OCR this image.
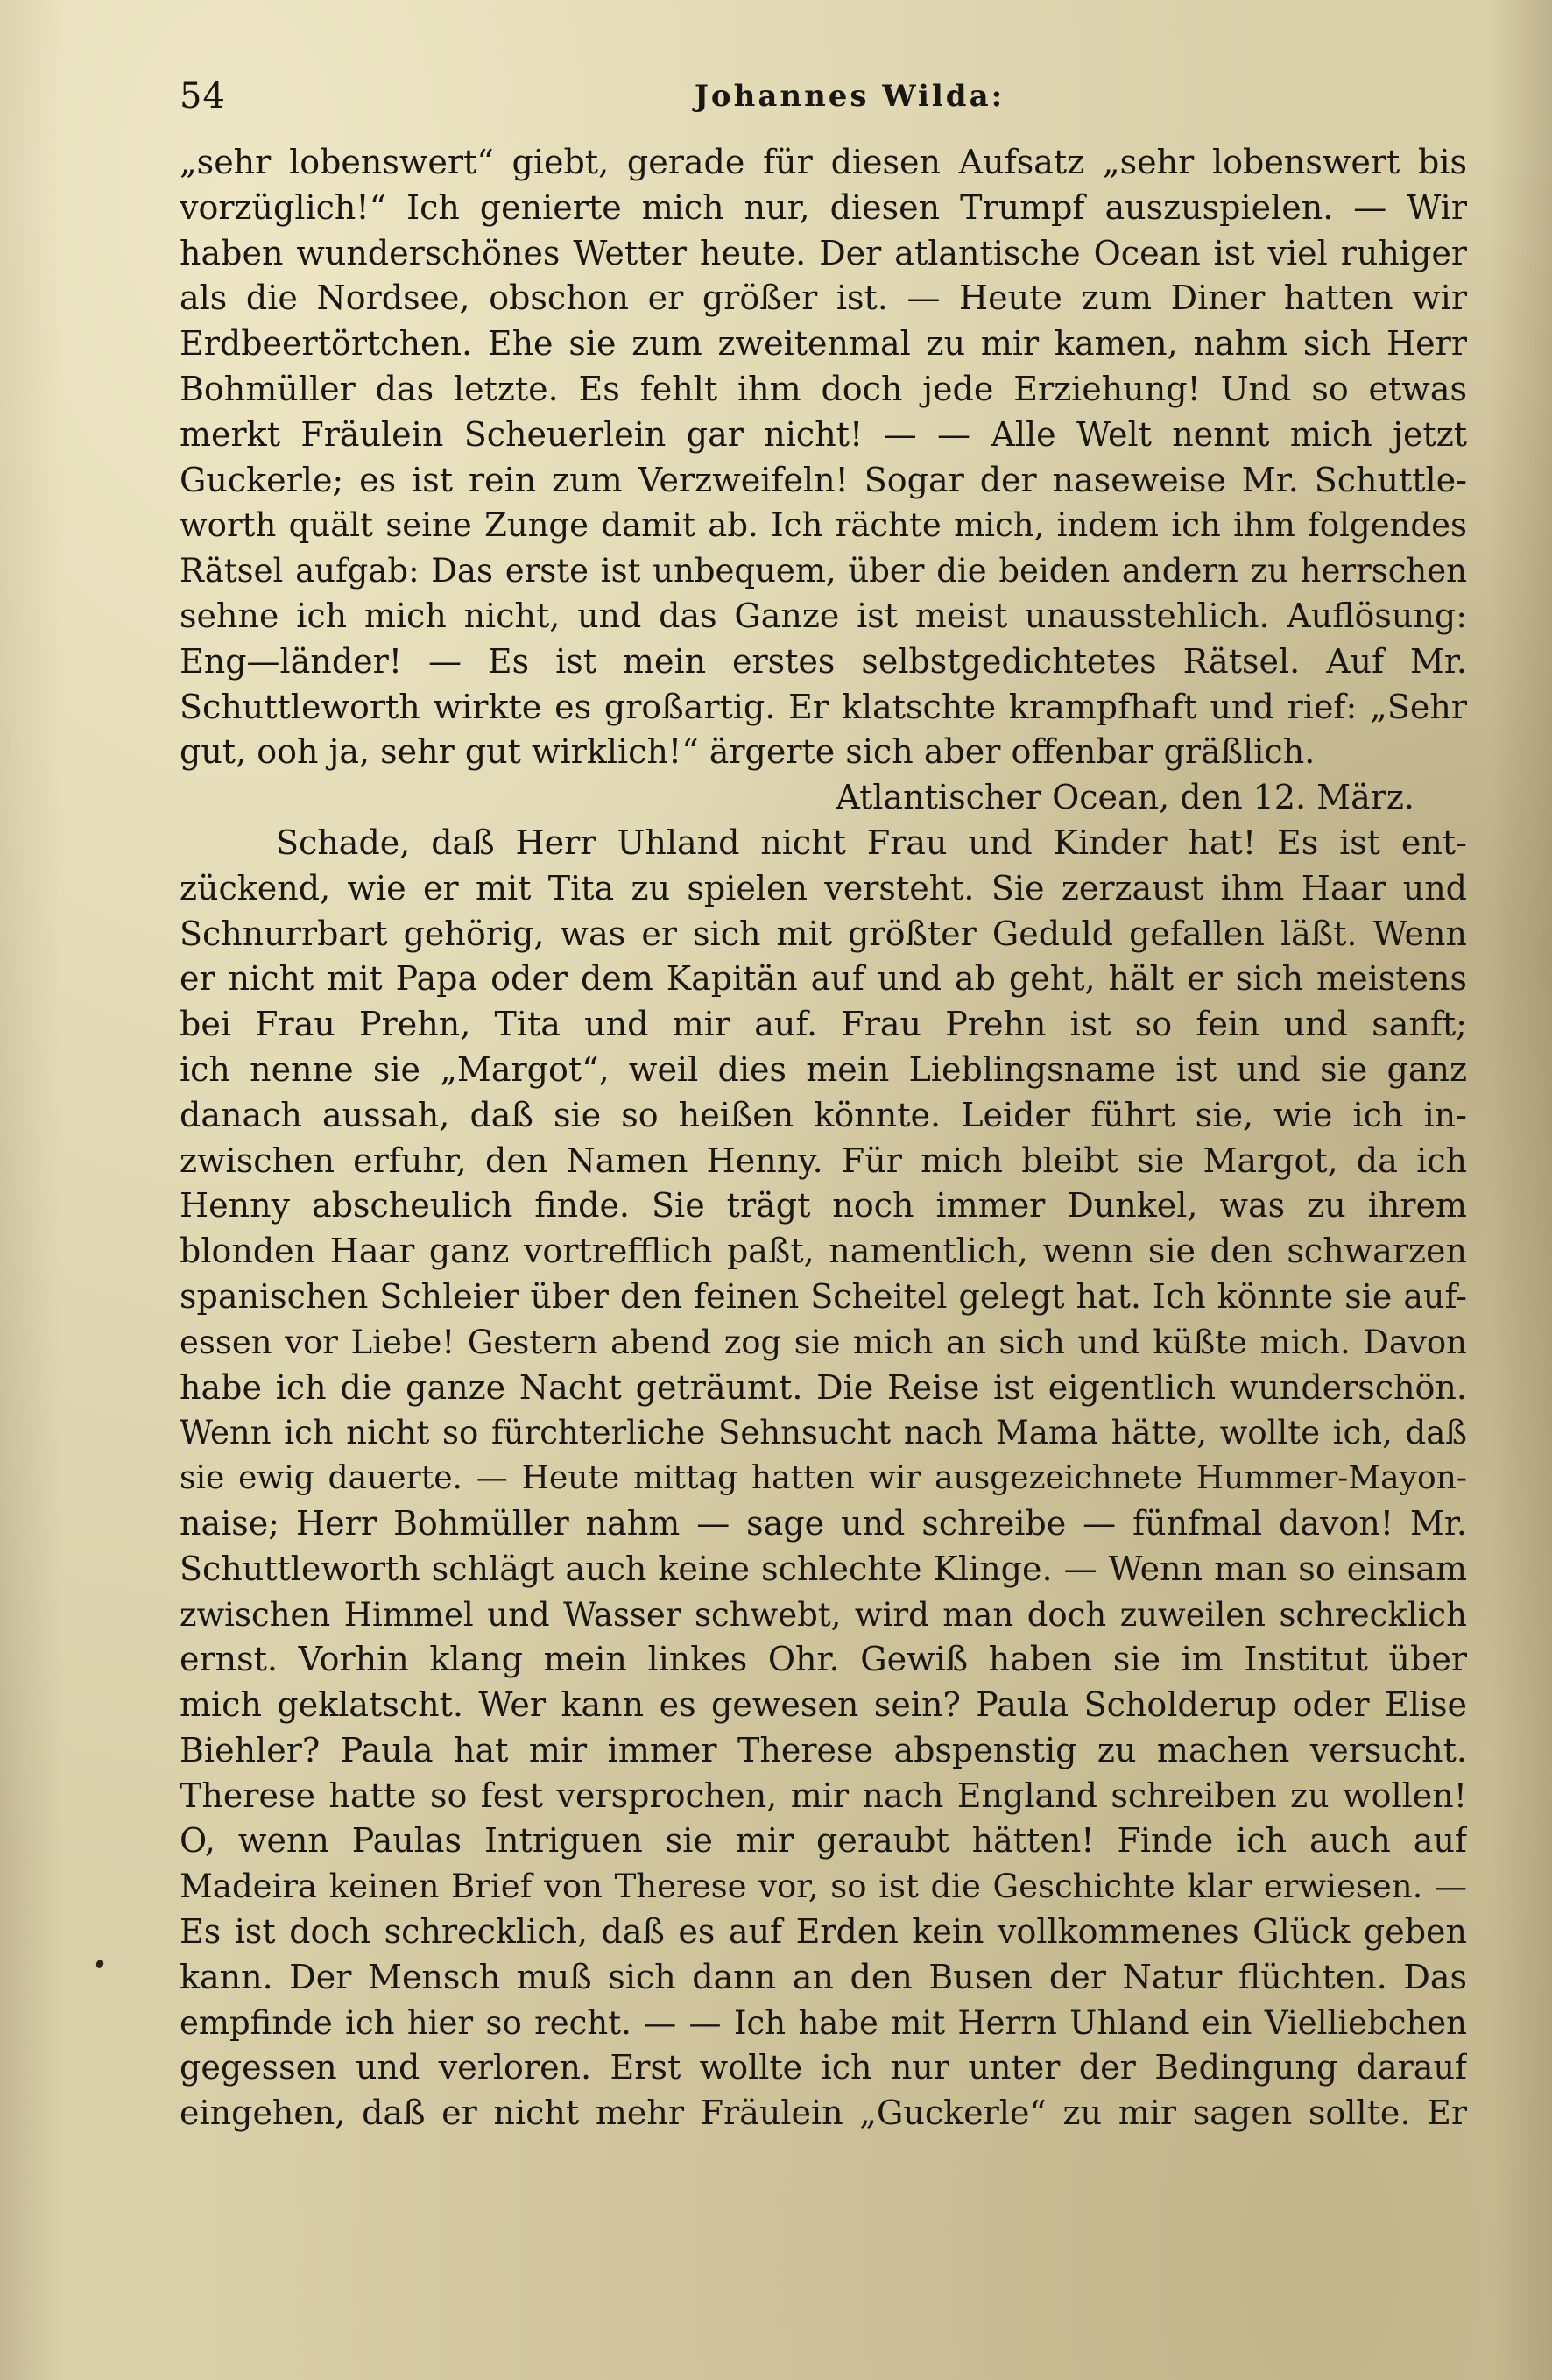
54	Johannes Wilda:
„sehr lobenswert“ giebt, gerade für diesen Aufsatz „sehr lobenswert bis
vorzüglich!“ Ich genierte mich nur, diesen Trumpf auszuspielen. — Wir
haben wunderschönes Wetter heute. Der atlantische Ocean ist viel ruhiger
als die Nordsee, obschon er größer ist. — Heute zum Diner hatten wir
Erdbeertörtchen. Ehe sie zum zweitenmal zu mir kamen, nahm sich Herr
Bohmüller das letzte. Es fehlt ihm doch jede Erziehung! Und so etwas
merkt Fräulein Scheuerlein gar nicht! — — Alle Welt nennt mich jetzt
Guckerle; es ist rein zum Verzweifeln! Sogar der naseweise Mr. Schuttle-
worth quält seine Zunge damit ab. Ich rächte mich, indem ich ihm folgendes
Rätsel aufgab: Das erste ist unbequem, über die beiden andern zu herrschen
sehne ich mich nicht, und das Ganze ist meist unausstehlich. Auflösung:
Eng—länder! — Es ist mein erstes selbstgedichtetes Rätsel. Auf Mr.
Schuttleworth wirkte es großartig. Er klatschte krampfhaft und rief: „Sehr
gut, ooh ja, sehr gut wirklich!“ ärgerte sich aber offenbar gräßlich.
Atlantischer Ocean, den 12. März.
Schade, daß Herr Uhland nicht Frau und Kinder hat! Es ist ent-
zückend, wie er mit Tita zu spielen versteht. Sie zerzaust ihm Haar und
Schnurrbart gehörig, was er sich mit größter Geduld gefallen läßt. Wenn
er nicht mit Papa oder dem Kapitän auf und ab geht, hält er sich meistens
bei Frau Prehn, Tita und mir auf. Frau Prehn ist so fein und sanft;
ich nenne sie „Margot“, weil dies mein Lieblingsname ist und sie ganz
danach aussah, daß sie so heißen könnte. Leider führt sie, wie ich in-
zwischen erfuhr, den Namen Henny. Für mich bleibt sie Margot, da ich
Henny abscheulich finde. Sie trägt noch immer Dunkel, was zu ihrem
blonden Haar ganz vortrefflich paßt, namentlich, wenn sie den schwarzen
spanischen Schleier über den feinen Scheitel gelegt hat. Ich könnte sie auf-
essen vor Liebe! Gestern abend zog sie mich an sich und küßte mich. Davon
habe ich die ganze Nacht geträumt. Die Reise ist eigentlich wunderschön.
Wenn ich nicht so fürchterliche Sehnsucht nach Mama hätte, wollte ich, daß
sie ewig dauerte. — Heute mittag hatten wir ausgezeichnete Hummer-Mayon-
naise; Herr Bohmüller nahm — sage und schreibe — fünfmal davon! Mr.
Schuttleworth schlägt auch keine schlechte Klinge. — Wenn man so einsam
zwischen Himmel und Wasser schwebt, wird man doch zuweilen schrecklich
ernst. Vorhin klang mein linkes Ohr. Gewiß haben sie im Institut über
mich geklatscht. Wer kann es gewesen sein? Paula Scholderup oder Elise
Biehler? Paula hat mir immer Therese abspenstig zu machen versucht.
Therese hatte so fest versprochen, mir nach England schreiben zu wollen!
O, wenn Paulas Intriguen sie mir geraubt hätten! Finde ich auch auf
Madeira keinen Brief von Therese vor, so ist die Geschichte klar erwiesen. —
Es ist doch schrecklich, daß es auf Erden kein vollkommenes Glück geben
kann. Der Mensch muß sich dann an den Busen der Natur flüchten. Das
empfinde ich hier so recht. — — Ich habe mit Herrn Uhland ein Vielliebchen
gegessen und verloren. Erst wollte ich nur unter der Bedingung darauf
eingehen, daß er nicht mehr Fräulein „Guckerle“ zu mir sagen sollte. Er
